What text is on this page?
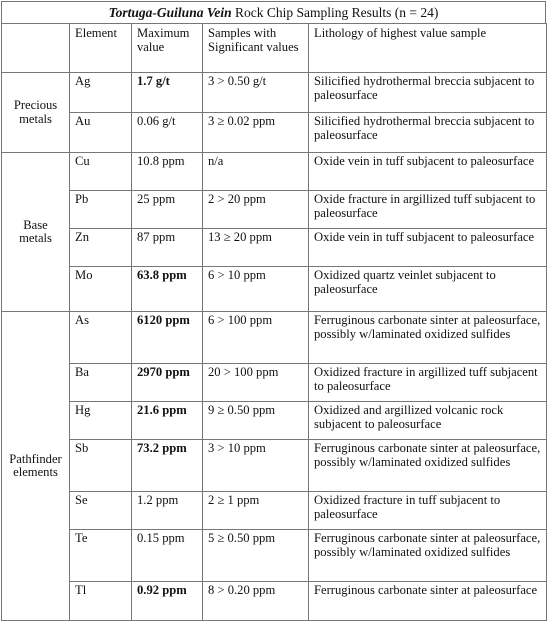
Tortuga-Guiluna Vein Rock Chip Sampling Results (n = 24)
	Element	Maximum value	Samples with Significant values	Lithology of highest value sample
Precious metals	Ag	1.7 g/t	3 > 0.50 g/t	Silicified hydrothermal breccia subjacent to paleosurface
	Au	0.06 g/t	3 ≥ 0.02 ppm	Silicified hydrothermal breccia subjacent to paleosurface
Base metals	Cu	10.8 ppm	n/a	Oxide vein in tuff subjacent to paleosurface
	Pb	25 ppm	2 > 20 ppm	Oxide fracture in argillized tuff subjacent to paleosurface
	Zn	87 ppm	13 ≥ 20 ppm	Oxide vein in tuff subjacent to paleosurface
	Mo	63.8 ppm	6 > 10 ppm	Oxidized quartz veinlet subjacent to paleosurface
Pathfinder elements	As	6120 ppm	6 > 100 ppm	Ferruginous carbonate sinter at paleosurface, possibly w/laminated oxidized sulfides
	Ba	2970 ppm	20 > 100 ppm	Oxidized fracture in argillized tuff subjacent to paleosurface
	Hg	21.6 ppm	9 ≥ 0.50 ppm	Oxidized and argillized volcanic rock subjacent to paleosurface
	Sb	73.2 ppm	3 > 10 ppm	Ferruginous carbonate sinter at paleosurface, possibly w/laminated oxidized sulfides
	Se	1.2 ppm	2 ≥ 1 ppm	Oxidized fracture in tuff subjacent to paleosurface
	Te	0.15 ppm	5 ≥ 0.50 ppm	Ferruginous carbonate sinter at paleosurface, possibly w/laminated oxidized sulfides
	Tl	0.92 ppm	8 > 0.20 ppm	Ferruginous carbonate sinter at paleosurface
